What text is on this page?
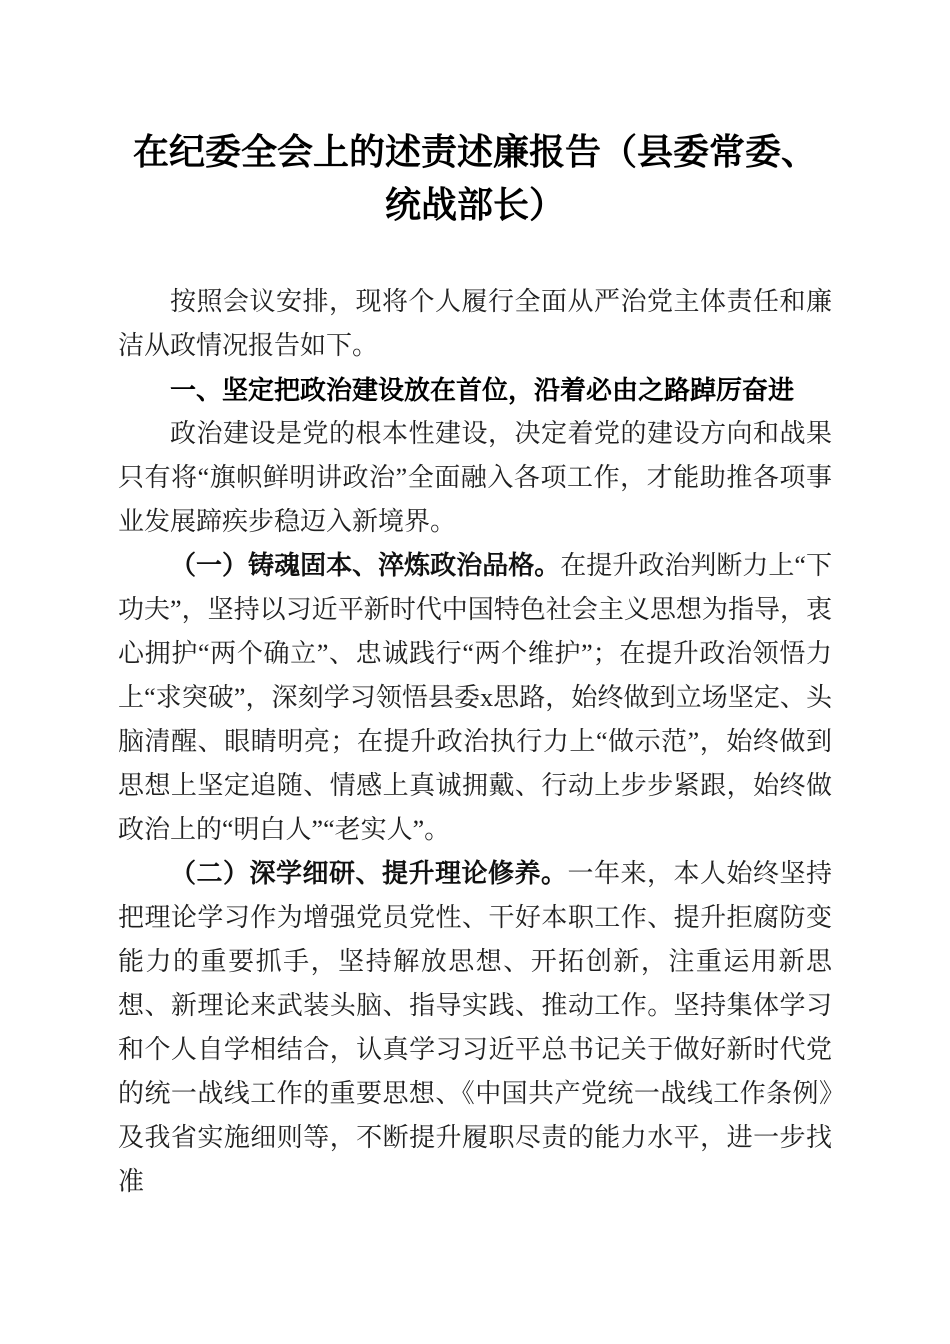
在纪委全会上的述责述廉报告（县委常委、统战部长）

按照会议安排，现将个人履行全面从严治党主体责任和廉洁从政情况报告如下。

一、坚定把政治建设放在首位，沿着必由之路踔厉奋进

政治建设是党的根本性建设，决定着党的建设方向和战果只有将“旗帜鲜明讲政治”全面融入各项工作，才能助推各项事业发展蹄疾步稳迈入新境界。

（一）铸魂固本、淬炼政治品格。在提升政治判断力上“下功夫”，坚持以习近平新时代中国特色社会主义思想为指导，衷心拥护“两个确立”、忠诚践行“两个维护”；在提升政治领悟力上“求突破”，深刻学习领悟县委x思路，始终做到立场坚定、头脑清醒、眼睛明亮；在提升政治执行力上“做示范”，始终做到思想上坚定追随、情感上真诚拥戴、行动上步步紧跟，始终做政治上的“明白人”“老实人”。

（二）深学细研、提升理论修养。一年来，本人始终坚持把理论学习作为增强党员党性、干好本职工作、提升拒腐防变能力的重要抓手，坚持解放思想、开拓创新，注重运用新思想、新理论来武装头脑、指导实践、推动工作。坚持集体学习和个人自学相结合，认真学习习近平总书记关于做好新时代党的统一战线工作的重要思想、《中国共产党统一战线工作条例》及我省实施细则等，不断提升履职尽责的能力水平，进一步找准
